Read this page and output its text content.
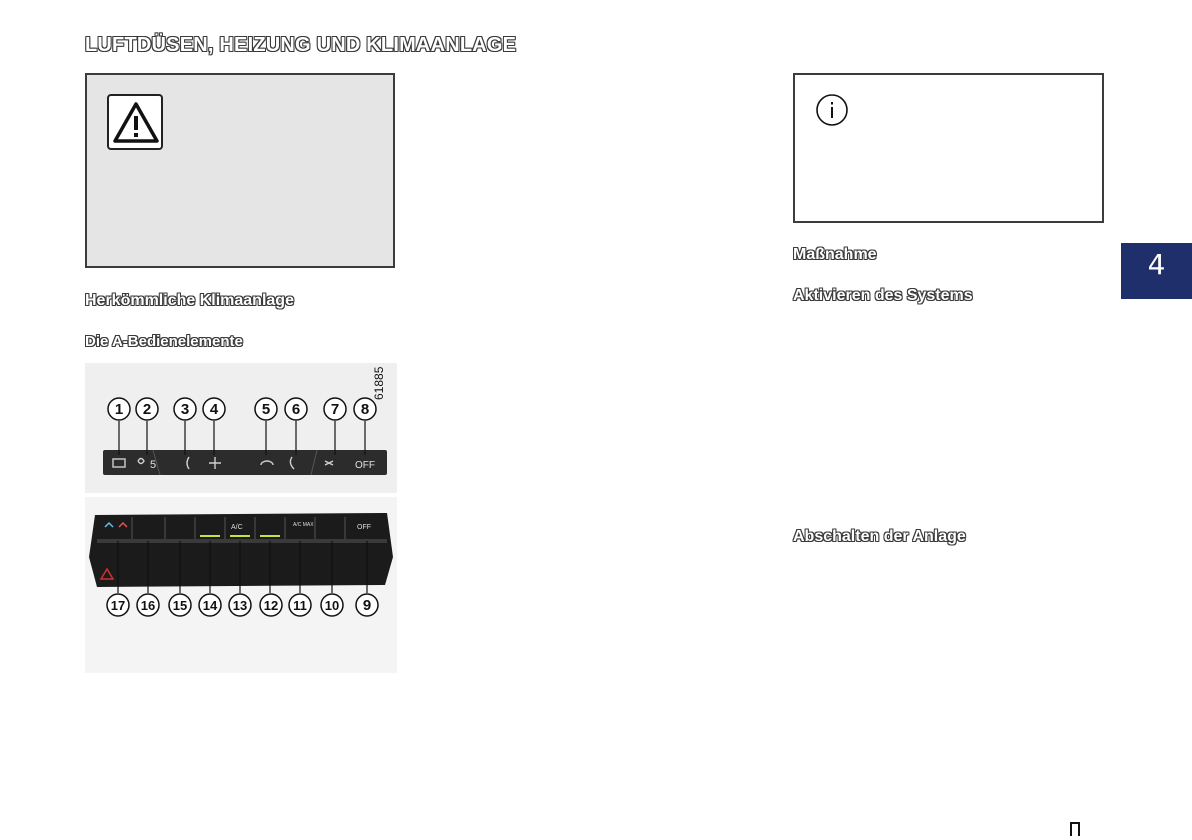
LUFTDÜSEN, HEIZUNG UND KLIMAANLAGE
Herkömmliche Klimaanlage
Die A-Bedienelemente
5	OFF
61885
1 2 3 4	5 6 7 8
A/C	A/C MAX	OFF
17 16 15 14 13 12 11 10 9
Maßnahme
Aktivieren des Systems
Abschalten der Anlage
4
